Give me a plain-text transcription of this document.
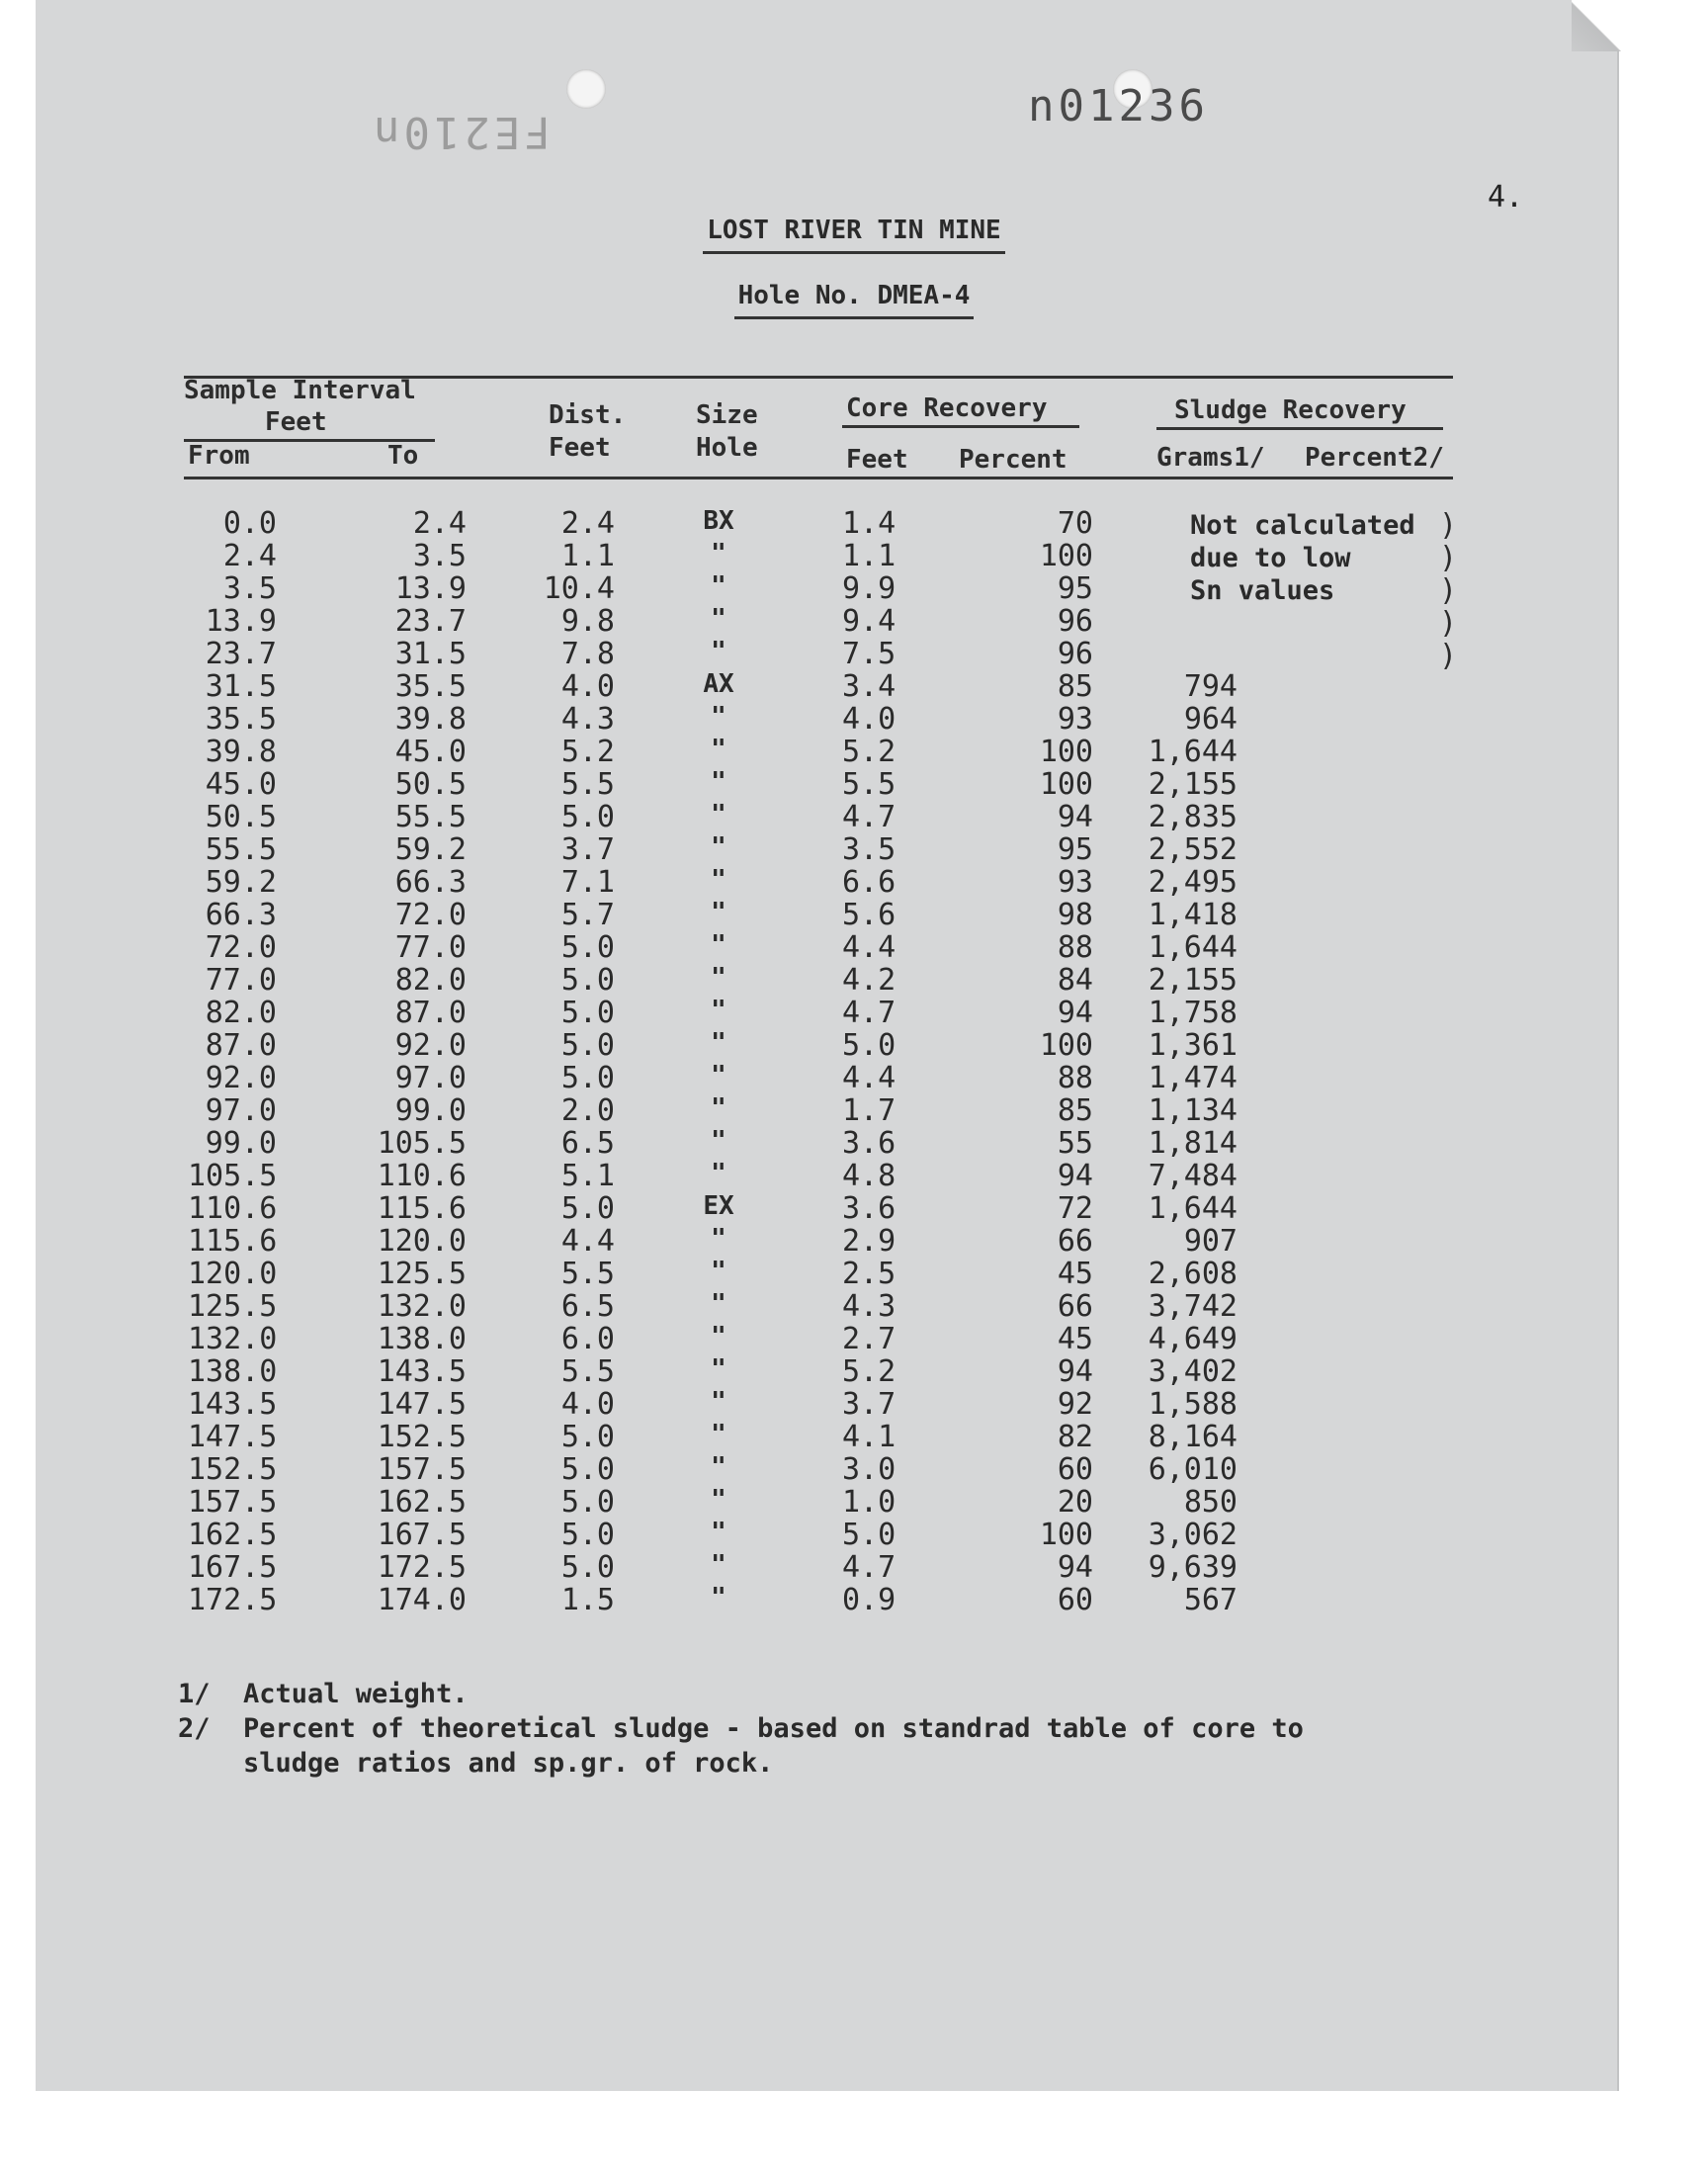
FE210n
n01236
4.
LOST RIVER TIN MINE
Hole No. DMEA-4
Sample Interval
Feet
From	To
Dist.
Feet
Size
Hole
Core Recovery
Feet Percent
Sludge Recovery
Grams1/ Percent2/
Not calculated
due to low
Sn values
)
)
)
)
)
0.0	2.4	2.4	BX	1.4	70
2.4	3.5	1.1	"	1.1	100
3.5	13.9	10.4	"	9.9	95
13.9	23.7	9.8	"	9.4	96
23.7	31.5	7.8	"	7.5	96
31.5	35.5	4.0	AX	3.4	85	794
35.5	39.8	4.3	"	4.0	93	964
39.8	45.0	5.2	"	5.2	100 1,644
45.0	50.5	5.5	"	5.5	100 2,155
50.5	55.5	5.0	"	4.7	94 2,835
55.5	59.2	3.7	"	3.5	95 2,552
59.2	66.3	7.1	"	6.6	93 2,495
66.3	72.0	5.7	"	5.6	98 1,418
72.0	77.0	5.0	"	4.4	88 1,644
77.0	82.0	5.0	"	4.2	84 2,155
82.0	87.0	5.0	"	4.7	94 1,758
87.0	92.0	5.0	"	5.0	100 1,361
92.0	97.0	5.0	"	4.4	88 1,474
97.0	99.0	2.0	"	1.7	85 1,134
99.0	105.5	6.5	"	3.6	55 1,814
105.5	110.6	5.1	"	4.8	94 7,484
110.6	115.6	5.0	EX	3.6	72 1,644
115.6	120.0	4.4	"	2.9	66	907
120.0	125.5	5.5	"	2.5	45 2,608
125.5	132.0	6.5	"	4.3	66 3,742
132.0	138.0	6.0	"	2.7	45 4,649
138.0	143.5	5.5	"	5.2	94 3,402
143.5	147.5	4.0	"	3.7	92 1,588
147.5	152.5	5.0	"	4.1	82 8,164
152.5	157.5	5.0	"	3.0	60 6,010
157.5	162.5	5.0	"	1.0	20	850
162.5	167.5	5.0	"	5.0	100 3,062
167.5	172.5	5.0	"	4.7	94 9,639
172.5	174.0	1.5	"	0.9	60	567
1/ Actual weight.
2/ Percent of theoretical sludge - based on standrad table of core to
sludge ratios and sp.gr. of rock.
